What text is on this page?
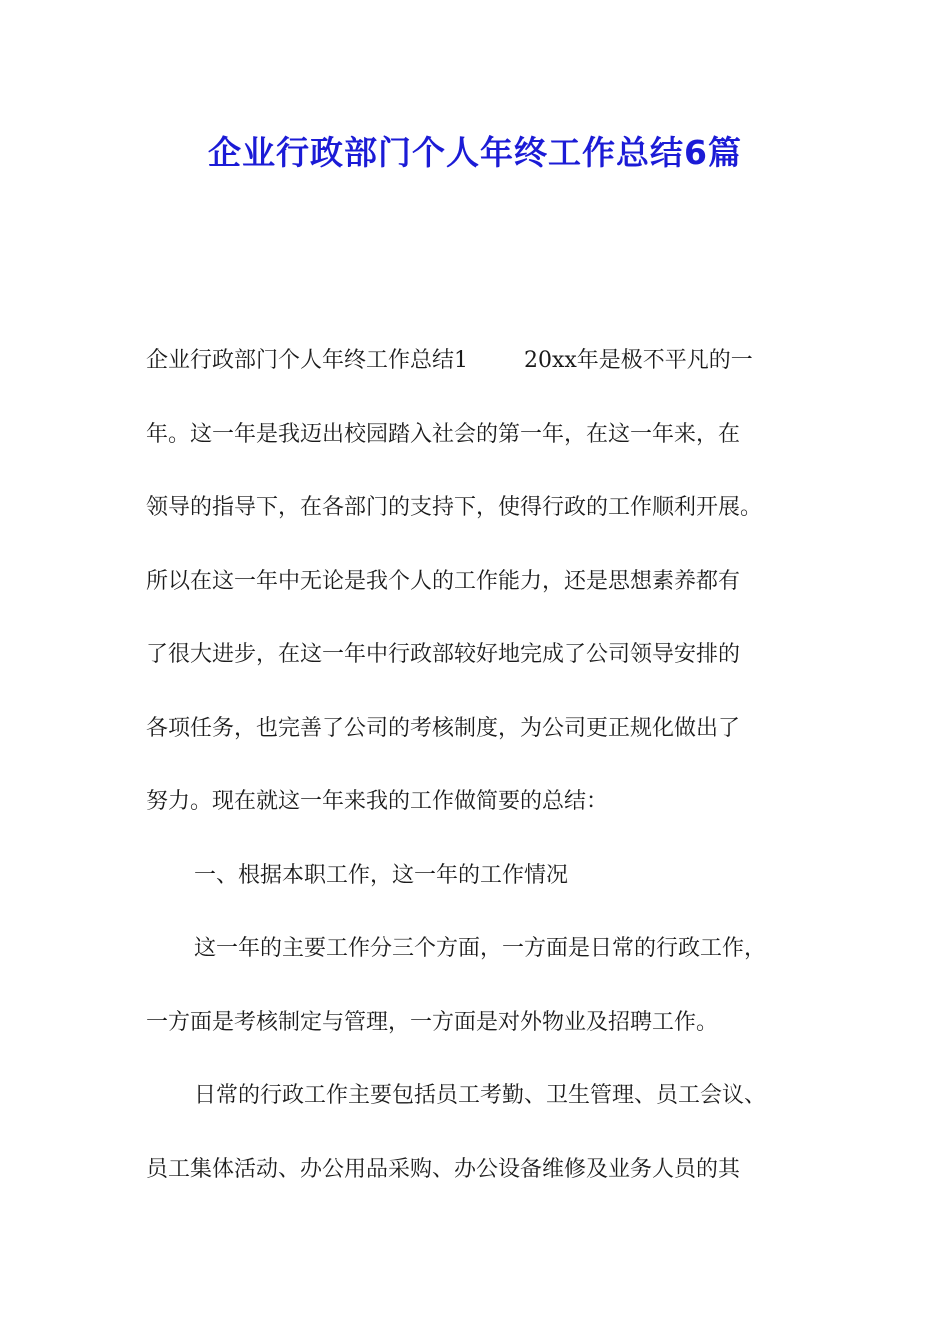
企业行政部门个人年终工作总结6篇

企业行政部门个人年终工作总结1	20xx年是极不平凡的一

年。这一年是我迈出校园踏入社会的第一年，在这一年来，在

领导的指导下，在各部门的支持下，使得行政的工作顺利开展。

所以在这一年中无论是我个人的工作能力，还是思想素养都有

了很大进步，在这一年中行政部较好地完成了公司领导安排的

各项任务，也完善了公司的考核制度，为公司更正规化做出了

努力。现在就这一年来我的工作做简要的总结：

一、根据本职工作，这一年的工作情况

这一年的主要工作分三个方面，一方面是日常的行政工作，

一方面是考核制定与管理，一方面是对外物业及招聘工作。

日常的行政工作主要包括员工考勤、卫生管理、员工会议、

员工集体活动、办公用品采购、办公设备维修及业务人员的其
